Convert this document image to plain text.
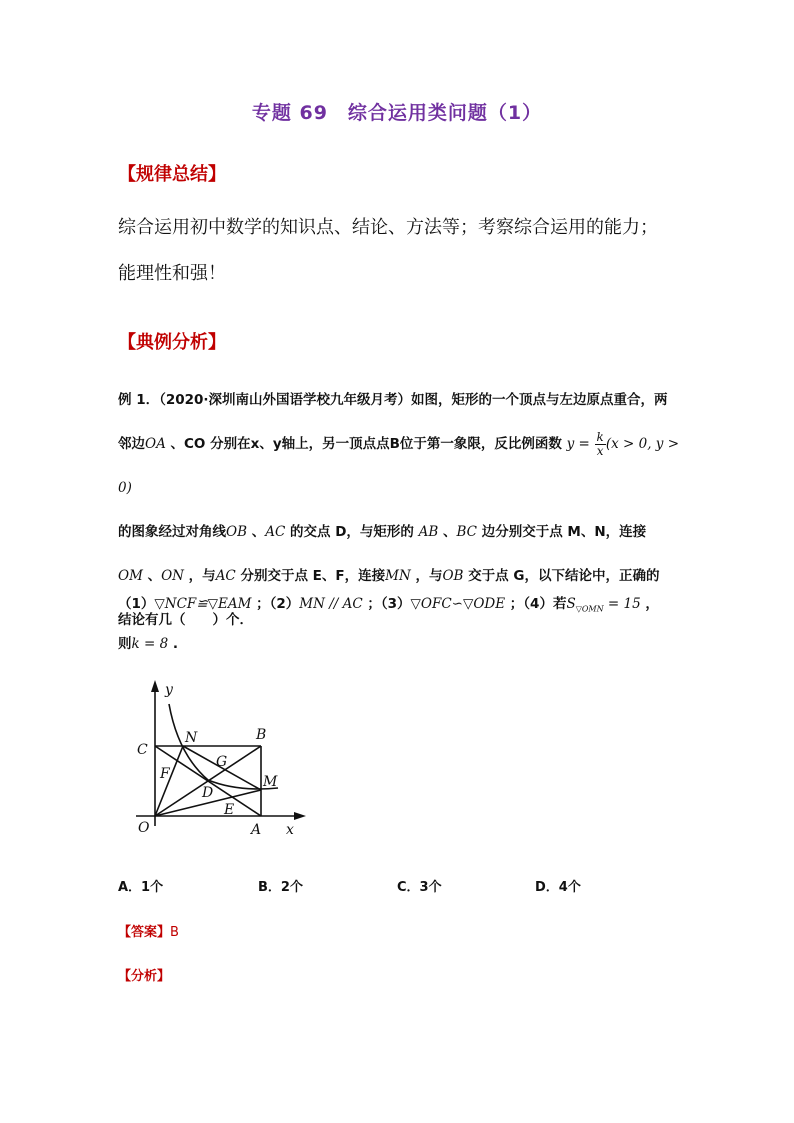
专题 69　综合运用类问题（1）
【规律总结】
综合运用初中数学的知识点、结论、方法等；考察综合运用的能力；
能理性和强！
【典例分析】
例 1．（2020·深圳南山外国语学校九年级月考）如图，矩形的一个顶点与左边原点重合，两
邻边OA 、CO 分别在x、y轴上，另一顶点点B位于第一象限，反比例函数 $y = \frac{k}{x} (x > 0$, y > 0)
的图象经过对角线OB 、AC 的交点 D，与矩形的 AB 、BC 边分别交于点 M、N，连接
OM 、ON ，与AC 分别交于点 E、F，连接MN ，与OB 交于点 G，以下结论中，正确的
结论有几（　　）个．
（1）▽NCF≌▽EAM ；（2）MN // AC ；（3）▽OFC∽▽ODE ；（4）若$S_{▽OMN} = 15$ ，
则k = 8 .
y
x
O	A
B
C
N
M
G
D
E
F
A．1个	B．2个	C．3个	D．4个
【答案】B
【分析】
